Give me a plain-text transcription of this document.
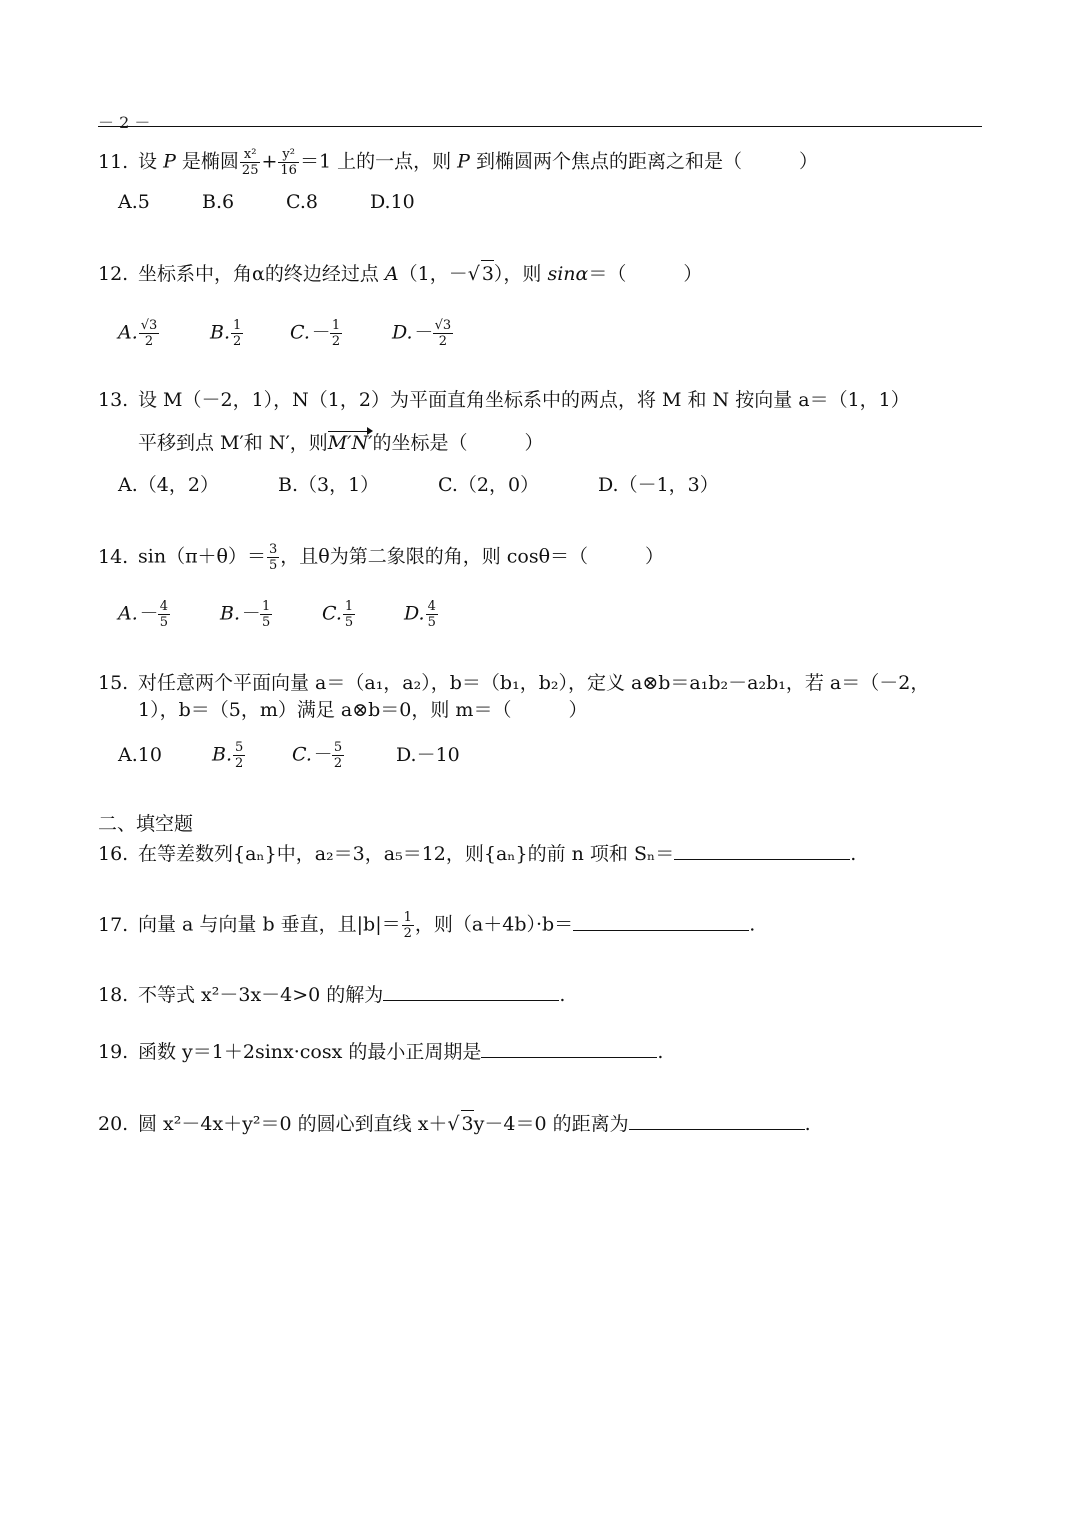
－ 2 －
11. 设 P 是椭圆 $\frac{\text{x²}}{25} + \frac{\text{y²}}{16} =1$ 上的一点，则 P 到椭圆两个焦点的距离之和是（　　　）
A.5	B.6	C.8	D.10
12. 坐标系中，角α的终边经过点 A（1，－√ 3），则 sinα＝（　　　）
A. $\frac{√3}{2}$	B. $\frac{1}{2} C.- \frac{1}{2}$	$D.- \frac{√3}{2}$
13. 设 M（－2，1），N（1，2）为平面直角坐标系中的两点，将 M 和 N 按向量 a＝（1，1）
平移到点 M′和 N′，则M′N′的坐标是（　　　）
A.（4，2）	B.（3，1）	C.（2，0）	D.（－1，3）
14. $\sin(\pi+\theta)= \frac{3}{5}$ ，且θ为第二象限的角，则 cosθ＝（　　　）
$A.- \frac{4}{5}$	$B.- \frac{1}{5}$	C. $\frac{1}{5}$	D. $\frac{4}{5}$
15. 对任意两个平面向量 a＝（a₁，a₂），b＝（b₁，b₂），定义 a⊗b＝a₁b₂－a₂b₁，若 a＝（－2，
1），b＝（5，m）满足 a⊗b＝0，则 m＝（　　　）
A.10	B. $\frac{5}{2} C.- \frac{5}{2}$	D.－10
二、填空题
16. 在等差数列{aₙ}中，a₂＝3，a₅＝12，则{aₙ}的前 n 项和 Sₙ＝	.
17. 向量 a 与向量 b 垂直，且$|b|= \frac{1}{2}$ ，则（a＋4b）·b＝	.
18. 不等式 x²－3x－4>0 的解为	.
19. 函数 y＝1＋2sinx·cosx 的最小正周期是	.
20. 圆 x²－4x＋y²＝0 的圆心到直线 x＋√ 3y－4＝0 的距离为	.
